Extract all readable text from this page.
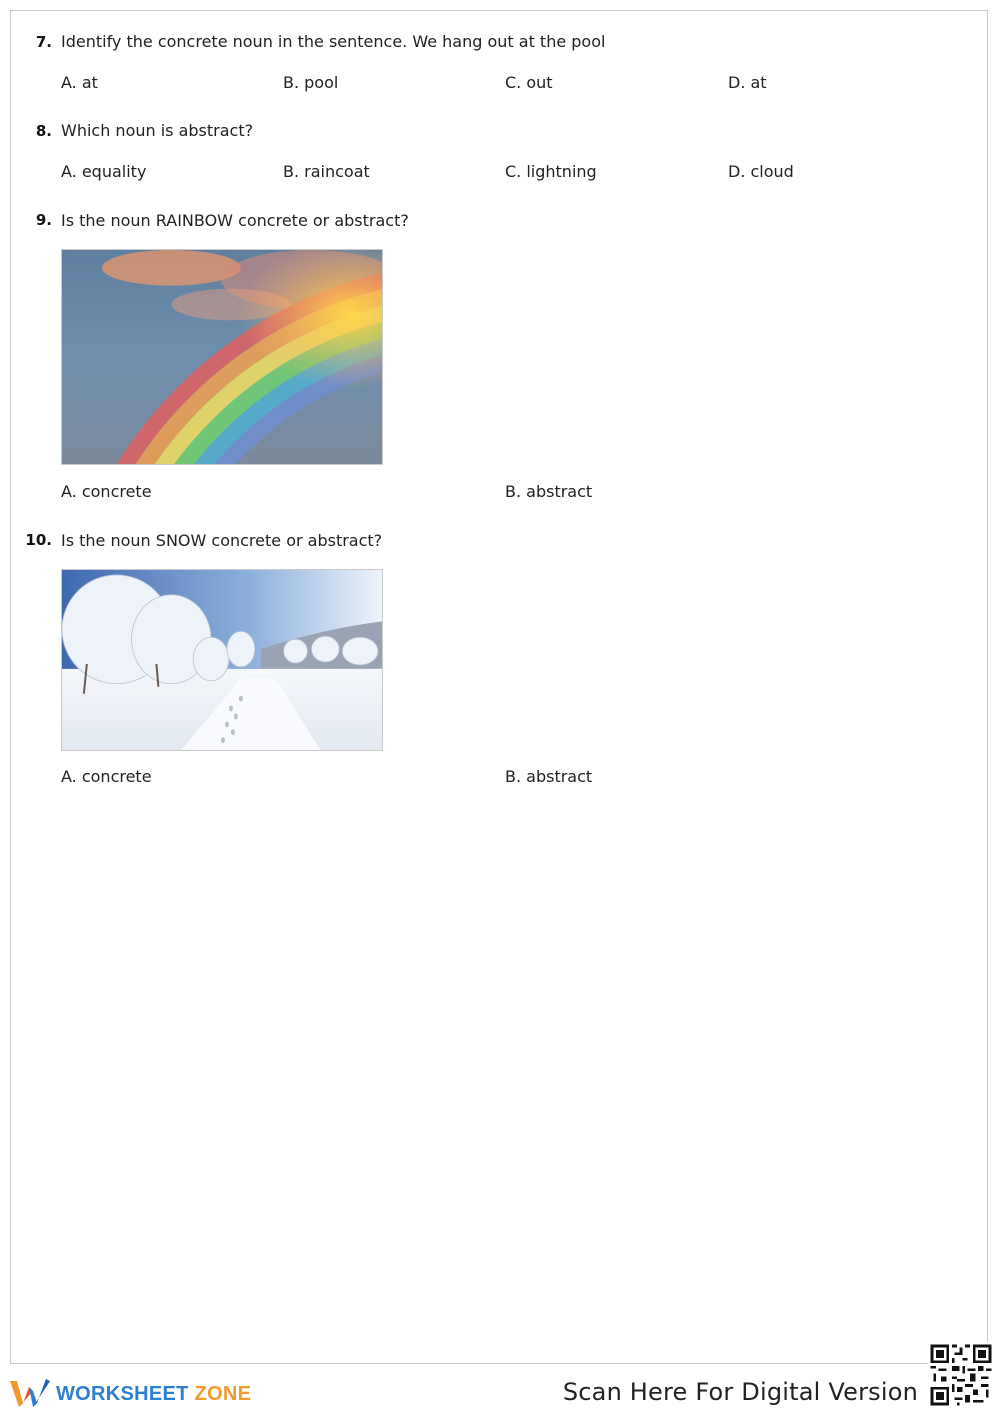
7. Identify the concrete noun in the sentence. We hang out at the pool
A. at	B. pool	C. out	D. at
8. Which noun is abstract?
A. equality	B. raincoat	C. lightning	D. cloud
9. Is the noun RAINBOW concrete or abstract?
A. concrete	B. abstract
10. Is the noun SNOW concrete or abstract?
A. concrete	B. abstract
WORKSHEET ZONE	Scan Here For Digital Version
